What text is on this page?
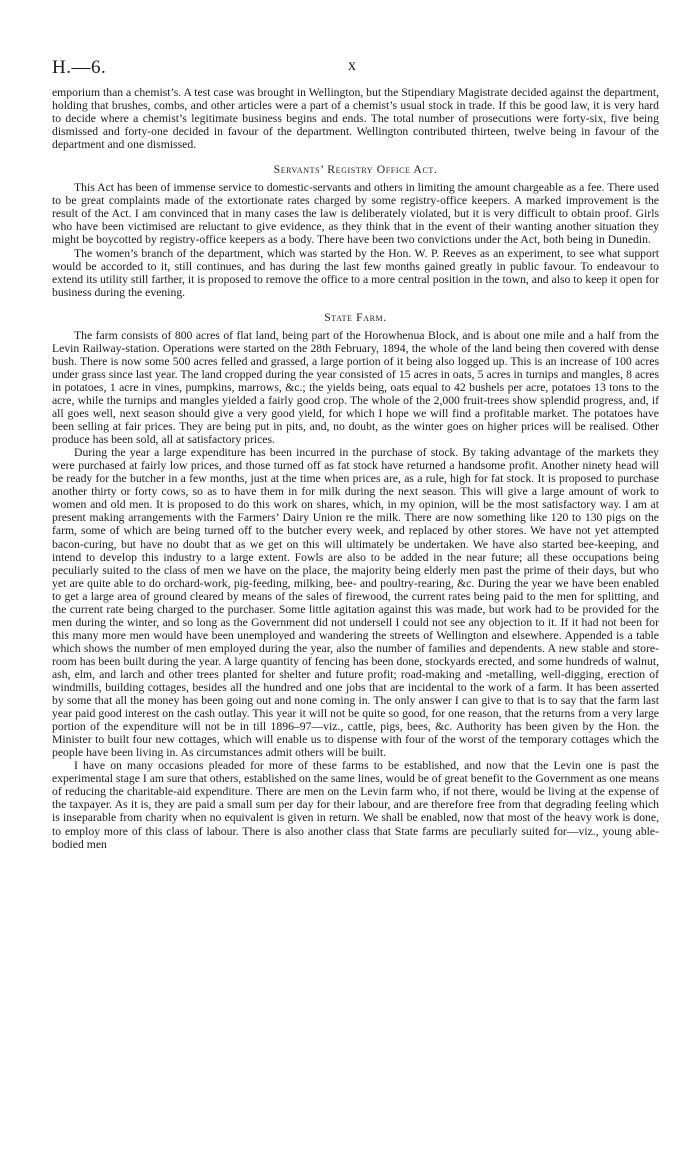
H.—6.	x

emporium than a chemist’s. A test case was brought in Wellington, but the Stipendiary Magistrate decided against the department, holding that brushes, combs, and other articles were a part of a chemist’s usual stock in trade. If this be good law, it is very hard to decide where a chemist’s legitimate business begins and ends. The total number of prosecutions were forty-six, five being dismissed and forty-one decided in favour of the department. Wellington contributed thirteen, twelve being in favour of the department and one dismissed.

Servants’ Registry Office Act.

This Act has been of immense service to domestic-servants and others in limiting the amount chargeable as a fee. There used to be great complaints made of the extortionate rates charged by some registry-office keepers. A marked improvement is the result of the Act. I am convinced that in many cases the law is deliberately violated, but it is very difficult to obtain proof. Girls who have been victimised are reluctant to give evidence, as they think that in the event of their wanting another situation they might be boycotted by registry-office keepers as a body. There have been two convictions under the Act, both being in Dunedin.

The women’s branch of the department, which was started by the Hon. W. P. Reeves as an experiment, to see what support would be accorded to it, still continues, and has during the last few months gained greatly in public favour. To endeavour to extend its utility still farther, it is proposed to remove the office to a more central position in the town, and also to keep it open for business during the evening.

State Farm.

The farm consists of 800 acres of flat land, being part of the Horowhenua Block, and is about one mile and a half from the Levin Railway-station. Operations were started on the 28th February, 1894, the whole of the land being then covered with dense bush. There is now some 500 acres felled and grassed, a large portion of it being also logged up. This is an increase of 100 acres under grass since last year. The land cropped during the year consisted of 15 acres in oats, 5 acres in turnips and mangles, 8 acres in potatoes, 1 acre in vines, pumpkins, marrows, &c.; the yields being, oats equal to 42 bushels per acre, potatoes 13 tons to the acre, while the turnips and mangles yielded a fairly good crop. The whole of the 2,000 fruit-trees show splendid progress, and, if all goes well, next season should give a very good yield, for which I hope we will find a profitable market. The potatoes have been selling at fair prices. They are being put in pits, and, no doubt, as the winter goes on higher prices will be realised. Other produce has been sold, all at satisfactory prices.

During the year a large expenditure has been incurred in the purchase of stock. By taking advantage of the markets they were purchased at fairly low prices, and those turned off as fat stock have returned a handsome profit. Another ninety head will be ready for the butcher in a few months, just at the time when prices are, as a rule, high for fat stock. It is proposed to purchase another thirty or forty cows, so as to have them in for milk during the next season. This will give a large amount of work to women and old men. It is proposed to do this work on shares, which, in my opinion, will be the most satisfactory way. I am at present making arrangements with the Farmers’ Dairy Union re the milk. There are now something like 120 to 130 pigs on the farm, some of which are being turned off to the butcher every week, and replaced by other stores. We have not yet attempted bacon-curing, but have no doubt that as we get on this will ultimately be undertaken. We have also started bee-keeping, and intend to develop this industry to a large extent. Fowls are also to be added in the near future; all these occupations being peculiarly suited to the class of men we have on the place, the majority being elderly men past the prime of their days, but who yet are quite able to do orchard-work, pig-feeding, milking, bee- and poultry-rearing, &c. During the year we have been enabled to get a large area of ground cleared by means of the sales of firewood, the current rates being paid to the men for splitting, and the current rate being charged to the purchaser. Some little agitation against this was made, but work had to be provided for the men during the winter, and so long as the Government did not undersell I could not see any objection to it. If it had not been for this many more men would have been unemployed and wandering the streets of Wellington and elsewhere. Appended is a table which shows the number of men employed during the year, also the number of families and dependents. A new stable and store-room has been built during the year. A large quantity of fencing has been done, stockyards erected, and some hundreds of walnut, ash, elm, and larch and other trees planted for shelter and future profit; road-making and -metalling, well-digging, erection of windmills, building cottages, besides all the hundred and one jobs that are incidental to the work of a farm. It has been asserted by some that all the money has been going out and none coming in. The only answer I can give to that is to say that the farm last year paid good interest on the cash outlay. This year it will not be quite so good, for one reason, that the returns from a very large portion of the expenditure will not be in till 1896–97—viz., cattle, pigs, bees, &c. Authority has been given by the Hon. the Minister to built four new cottages, which will enable us to dispense with four of the worst of the temporary cottages which the people have been living in. As circumstances admit others will be built.

I have on many occasions pleaded for more of these farms to be established, and now that the Levin one is past the experimental stage I am sure that others, established on the same lines, would be of great benefit to the Government as one means of reducing the charitable-aid expenditure. There are men on the Levin farm who, if not there, would be living at the expense of the taxpayer. As it is, they are paid a small sum per day for their labour, and are therefore free from that degrading feeling which is inseparable from charity when no equivalent is given in return. We shall be enabled, now that most of the heavy work is done, to employ more of this class of labour. There is also another class that State farms are peculiarly suited for—viz., young able-bodied men
